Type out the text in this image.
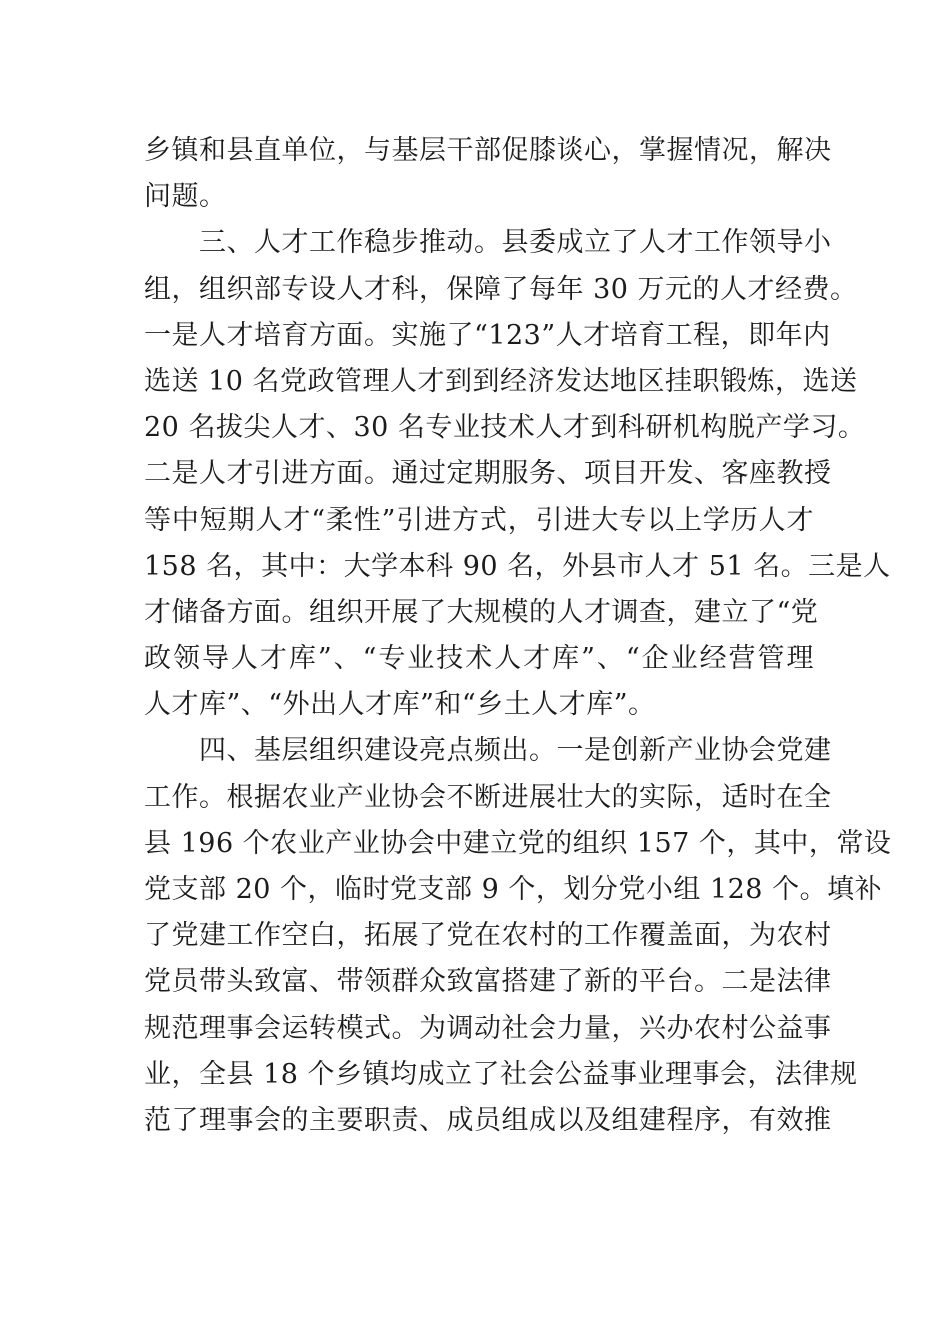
乡镇和县直单位，与基层干部促膝谈心，掌握情况，解决
问题。
　　三、人才工作稳步推动。县委成立了人才工作领导小
组，组织部专设人才科，保障了每年 30 万元的人才经费。
一是人才培育方面。实施了“123”人才培育工程，即年内
选送 10 名党政管理人才到到经济发达地区挂职锻炼，选送
20 名拔尖人才、30 名专业技术人才到科研机构脱产学习。
二是人才引进方面。通过定期服务、项目开发、客座教授
等中短期人才“柔性”引进方式，引进大专以上学历人才
158 名，其中：大学本科 90 名，外县市人才 51 名。三是人
才储备方面。组织开展了大规模的人才调查，建立了“党
政领导人才库”、“专业技术人才库”、“企业经营管理
人才库”、“外出人才库”和“乡土人才库”。
　　四、基层组织建设亮点频出。一是创新产业协会党建
工作。根据农业产业协会不断进展壮大的实际，适时在全
县 196 个农业产业协会中建立党的组织 157 个，其中，常设
党支部 20 个，临时党支部 9 个，划分党小组 128 个。填补
了党建工作空白，拓展了党在农村的工作覆盖面，为农村
党员带头致富、带领群众致富搭建了新的平台。二是法律
规范理事会运转模式。为调动社会力量，兴办农村公益事
业，全县 18 个乡镇均成立了社会公益事业理事会，法律规
范了理事会的主要职责、成员组成以及组建程序，有效推
